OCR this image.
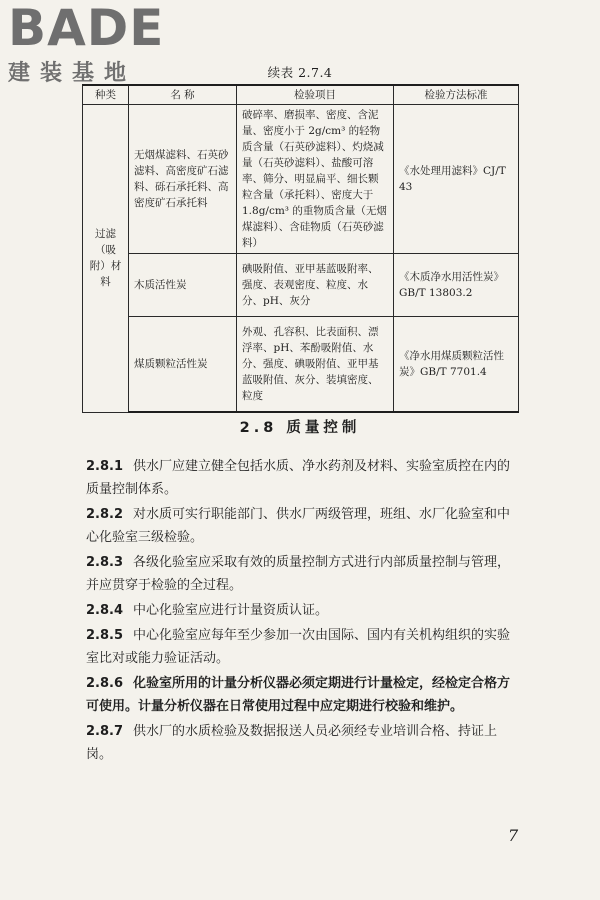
BADE
建装基地	续表 2.7.4
种类	名 称	检验项目	检验方法标准
过滤（吸附）材料	无烟煤滤料、石英砂滤料、高密度矿石滤料、砾石承托料、高密度矿石承托料	破碎率、磨损率、密度、含泥量、密度小于 2g/cm³ 的轻物质含量（石英砂滤料）、灼烧减量（石英砂滤料）、盐酸可溶率、筛分、明显扁平、细长颗粒含量（承托料）、密度大于 1.8g/cm³ 的重物质含量（无烟煤滤料）、含硅物质（石英砂滤料）	《水处理用滤料》CJ/T 43
	木质活性炭	碘吸附值、亚甲基蓝吸附率、强度、表观密度、粒度、水分、pH、灰分	《木质净水用活性炭》GB/T 13803.2
	煤质颗粒活性炭	外观、孔容积、比表面积、漂浮率、pH、苯酚吸附值、水分、强度、碘吸附值、亚甲基蓝吸附值、灰分、装填密度、粒度	《净水用煤质颗粒活性炭》GB/T 7701.4
2.8 质量控制

2.8.1 供水厂应建立健全包括水质、净水药剂及材料、实验室质控在内的质量控制体系。

2.8.2 对水质可实行职能部门、供水厂两级管理，班组、水厂化验室和中心化验室三级检验。

2.8.3 各级化验室应采取有效的质量控制方式进行内部质量控制与管理，并应贯穿于检验的全过程。

2.8.4 中心化验室应进行计量资质认证。

2.8.5 中心化验室应每年至少参加一次由国际、国内有关机构组织的实验室比对或能力验证活动。

2.8.6 化验室所用的计量分析仪器必须定期进行计量检定，经检定合格方可使用。计量分析仪器在日常使用过程中应定期进行校验和维护。

2.8.7 供水厂的水质检验及数据报送人员必须经专业培训合格、持证上岗。

7
